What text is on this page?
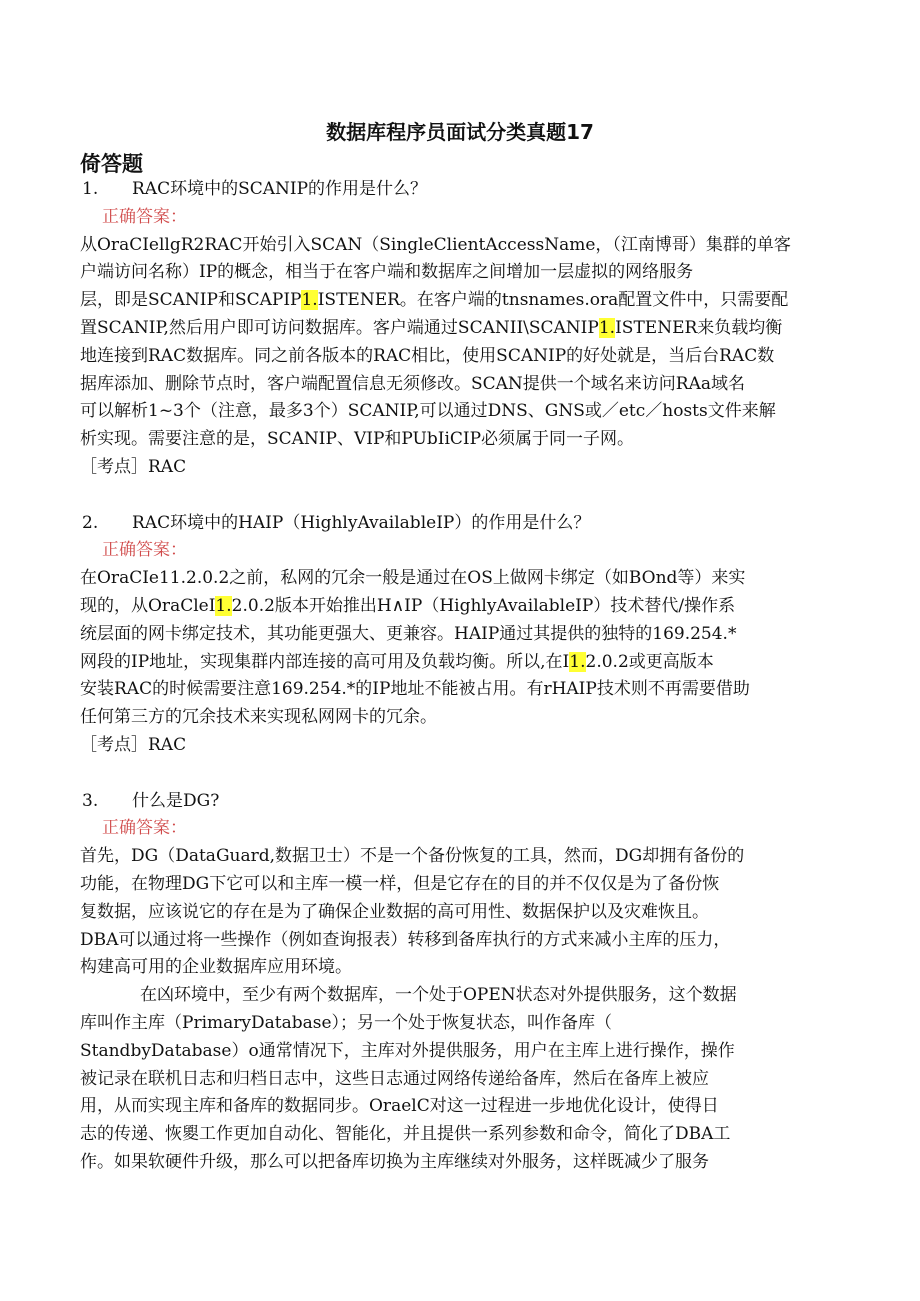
数据库程序员面试分类真题17
倚答题
1. RAC环境中的SCANIP的作用是什么？
正确答案：
从OraCIellgR2RAC开始引入SCAN（SingleClientAccessName，（江南博哥）集群的单客
户端访问名称）IP的概念，相当于在客户端和数据库之间增加一层虚拟的网络服务
层，即是SCANIP和SCAPIP1.ISTENER。在客户端的tnsnames.ora配置文件中，只需要配
置SCANIP,然后用户即可访问数据库。客户端通过SCANII\SCANIP1.ISTENER来负载均衡
地连接到RAC数据库。同之前各版本的RAC相比，使用SCANIP的好处就是，当后台RAC数
据库添加、删除节点时，客户端配置信息无须修改。SCAN提供一个域名来访问RAa域名
可以解析1~3个（注意，最多3个）SCANIP,可以通过DNS、GNS或／etc／hosts文件来解
析实现。需要注意的是，SCANIP、VIP和PUbIiCIP必须属于同一子网。
［考点］RAC
2. RAC环境中的HAIP（HighlyAvailableIP）的作用是什么？
正确答案：
在OraCIe11.2.0.2之前，私网的冗余一般是通过在OS上做网卡绑定（如BOnd等）来实
现的，从OraCleI1.2.0.2版本开始推出H∧IP（HighlyAvailableIP）技术替代/操作系
统层面的网卡绑定技术，其功能更强大、更兼容。HAIP通过其提供的独特的169.254.*
网段的IP地址，实现集群内部连接的高可用及负载均衡。所以,在I1.2.0.2或更高版本
安装RAC的时候需要注意169.254.*的IP地址不能被占用。有rHAIP技术则不再需要借助
任何第三方的冗余技术来实现私网网卡的冗余。
［考点］RAC
3. 什么是DG?
正确答案：
首先，DG（DataGuard,数据卫士）不是一个备份恢复的工具，然而，DG却拥有备份的
功能，在物理DG下它可以和主库一模一样，但是它存在的目的并不仅仅是为了备份恢
复数据，应该说它的存在是为了确保企业数据的高可用性、数据保护以及灾难恢且。
DBA可以通过将一些操作（例如查询报表）转移到备库执行的方式来减小主库的压力，
构建高可用的企业数据库应用环境。
在凶环境中，至少有两个数据库，一个处于OPEN状态对外提供服务，这个数据
库叫作主库（PrimaryDatabase）；另一个处于恢复状态，叫作备库（
StandbyDatabase）o通常情况下，主库对外提供服务，用户在主库上进行操作，操作
被记录在联机日志和归档日志中，这些日志通过网络传递给备库，然后在备库上被应
用，从而实现主库和备库的数据同步。OraelC对这一过程进一步地优化设计，使得日
志的传递、恢夓工作更加自动化、智能化，并且提供一系列参数和命令，简化了DBA工
作。如果软硬件升级，那么可以把备库切换为主库继续对外服务，这样既减少了服务
